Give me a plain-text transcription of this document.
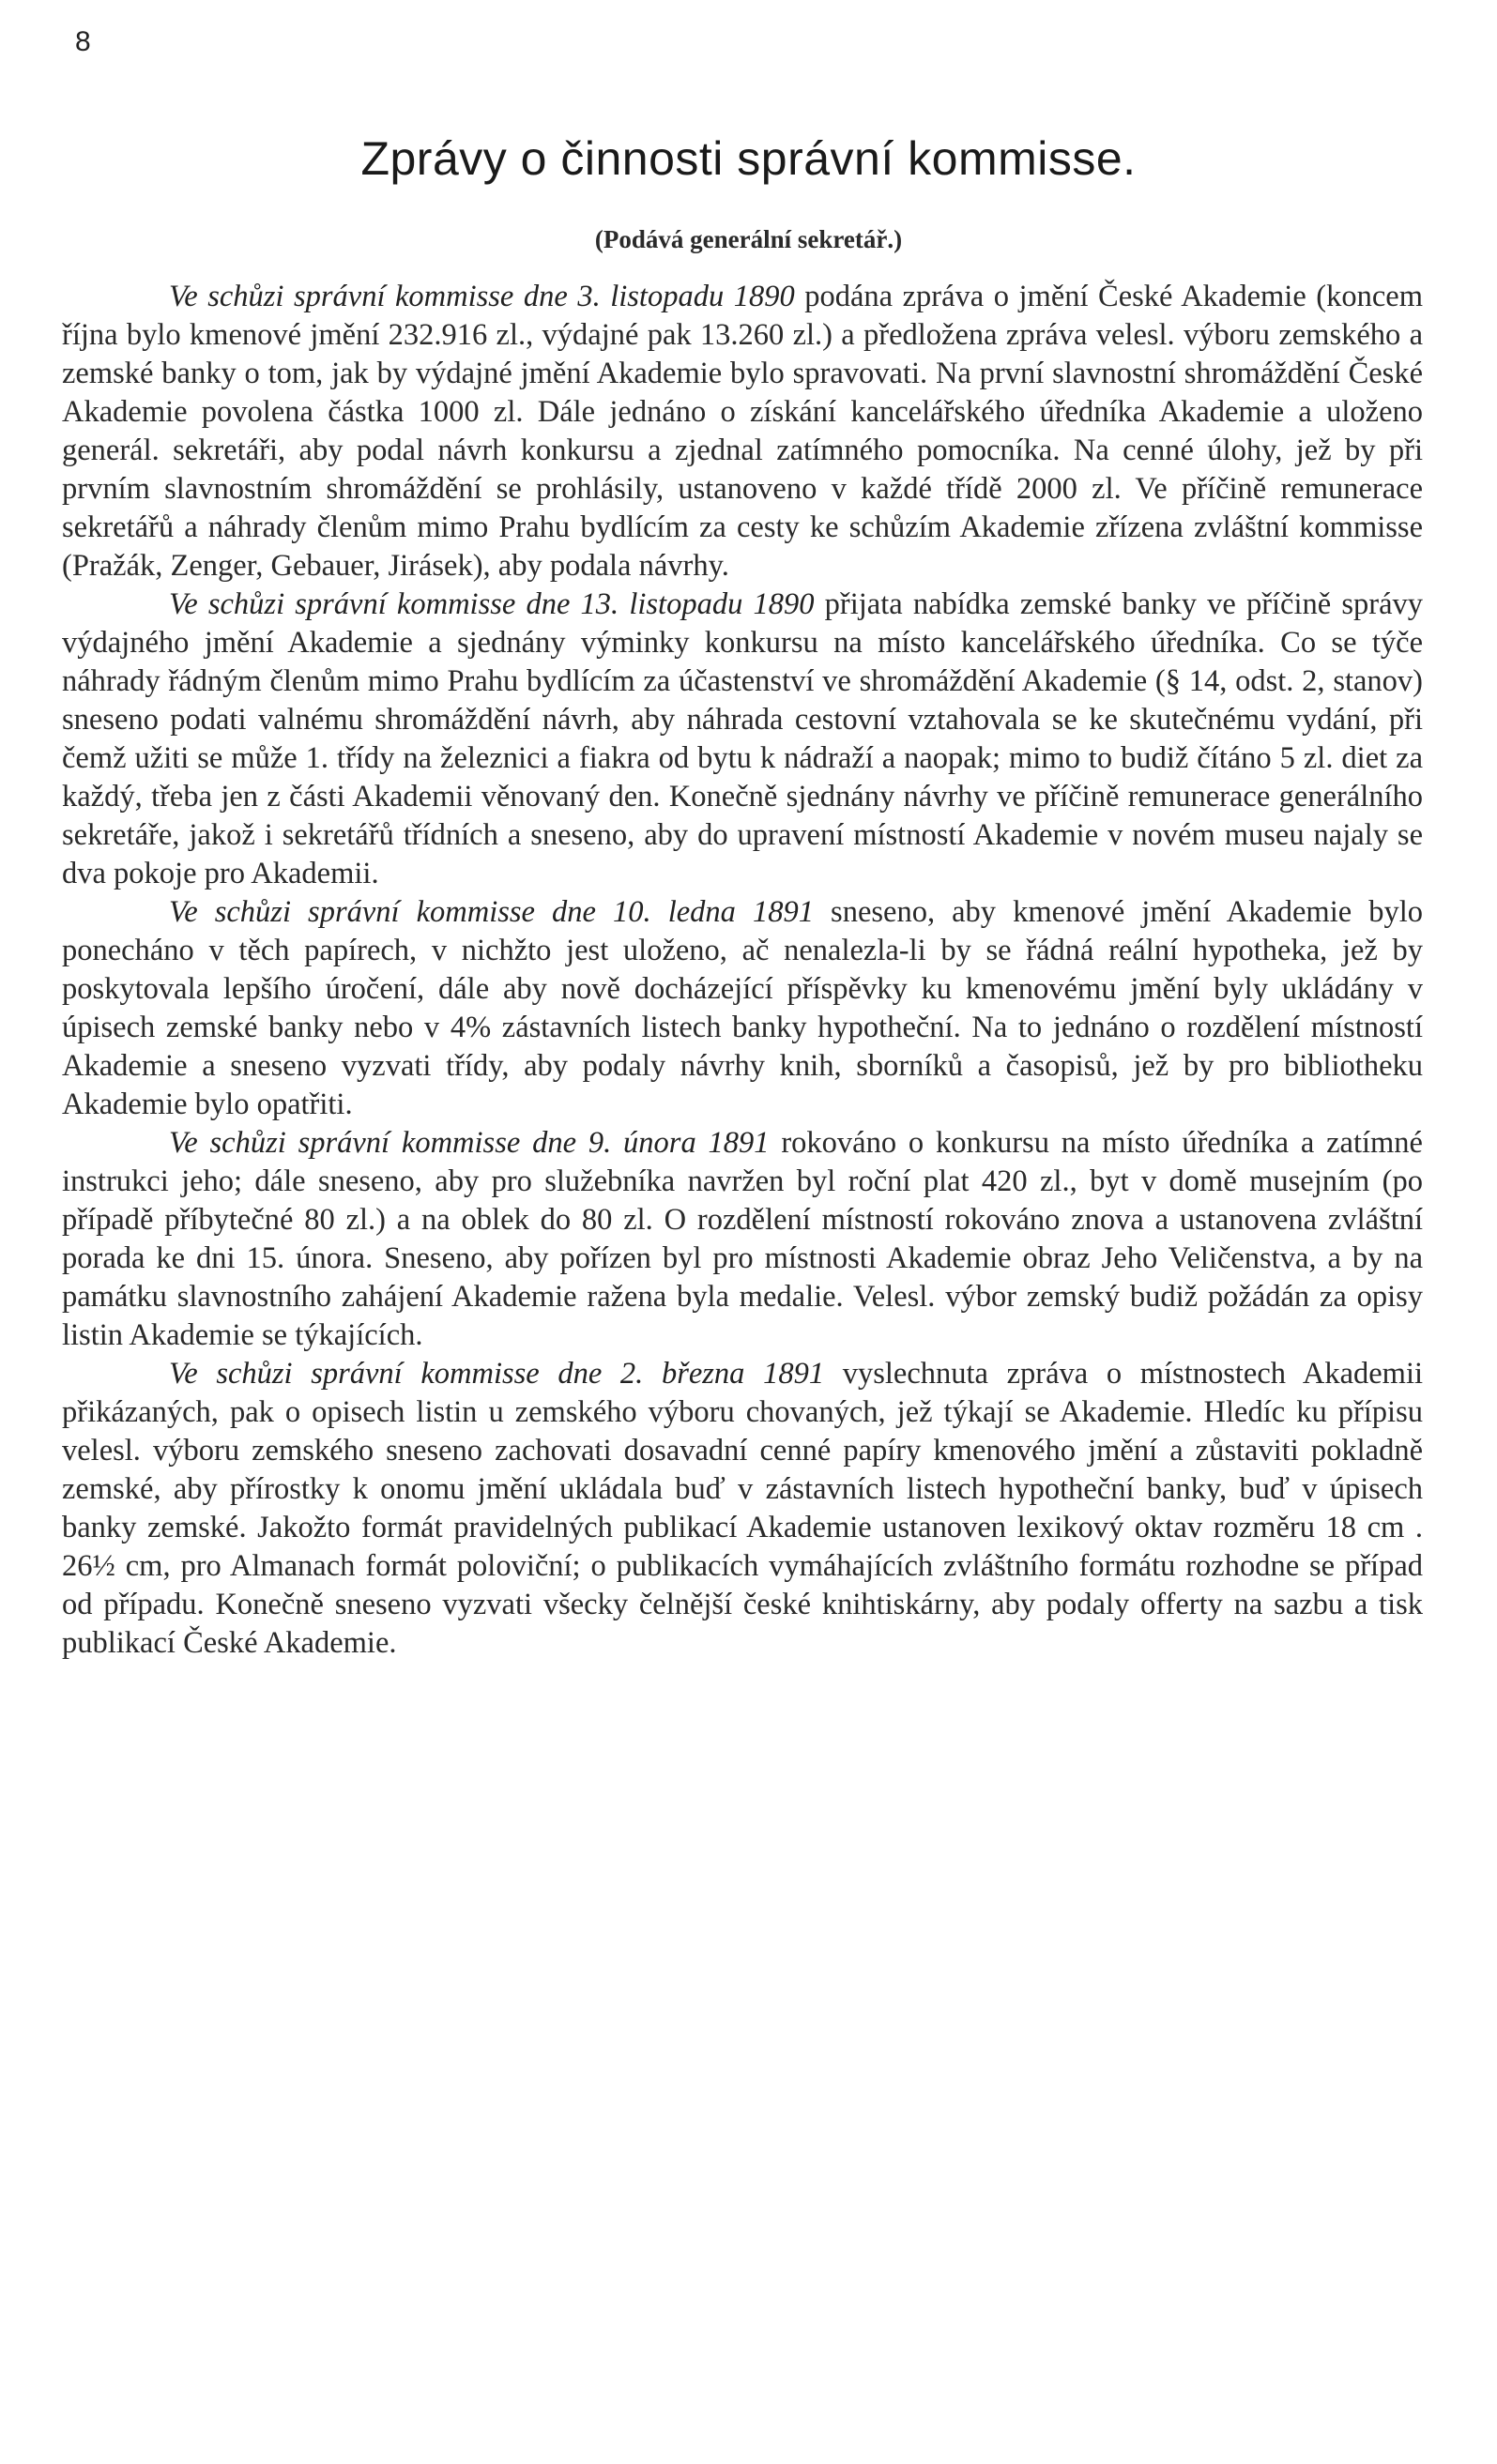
8
Zprávy o činnosti správní kommisse.
(Podává generální sekretář.)

Ve schůzi správní kommisse dne 3. listopadu 1890 podána zpráva o jmění České Akademie (koncem října bylo kmenové jmění 232.916 zl., výdajné pak 13.260 zl.) a předložena zpráva velesl. výboru zemského a zemské banky o tom, jak by výdajné jmění Akademie bylo spravovati. Na první slavnostní shromáždění České Akademie povolena částka 1000 zl. Dále jednáno o získání kancelářského úředníka Akademie a uloženo generál. sekretáři, aby podal návrh konkursu a zjednal zatímného pomocníka. Na cenné úlohy, jež by při prvním slavnostním shromáždění se prohlásily, ustanoveno v každé třídě 2000 zl. Ve příčině remunerace sekretářů a náhrady členům mimo Prahu bydlícím za cesty ke schůzím Akademie zřízena zvláštní kommisse (Pražák, Zenger, Gebauer, Jirásek), aby podala návrhy.

Ve schůzi správní kommisse dne 13. listopadu 1890 přijata nabídka zemské banky ve příčině správy výdajného jmění Akademie a sjednány výminky konkursu na místo kancelářského úředníka. Co se týče náhrady řádným členům mimo Prahu bydlícím za účastenství ve shromáždění Akademie (§ 14, odst. 2, stanov) sneseno podati valnému shromáždění návrh, aby náhrada cestovní vztahovala se ke skutečnému vydání, při čemž užiti se může 1. třídy na železnici a fiakra od bytu k nádraží a naopak; mimo to budiž čítáno 5 zl. diet za každý, třeba jen z části Akademii věnovaný den. Konečně sjednány návrhy ve příčině remunerace generálního sekretáře, jakož i sekretářů třídních a sneseno, aby do upravení místností Akademie v novém museu najaly se dva pokoje pro Akademii.

Ve schůzi správní kommisse dne 10. ledna 1891 sneseno, aby kmenové jmění Akademie bylo ponecháno v těch papírech, v nichžto jest uloženo, ač nenalezla-li by se řádná reální hypotheka, jež by poskytovala lepšího úročení, dále aby nově docházející příspěvky ku kmenovému jmění byly ukládány v úpisech zemské banky nebo v 4% zástavních listech banky hypotheční. Na to jednáno o rozdělení místností Akademie a sneseno vyzvati třídy, aby podaly návrhy knih, sborníků a časopisů, jež by pro bibliotheku Akademie bylo opatřiti.

Ve schůzi správní kommisse dne 9. února 1891 rokováno o konkursu na místo úředníka a zatímné instrukci jeho; dále sneseno, aby pro služebníka navržen byl roční plat 420 zl., byt v domě musejním (po případě příbytečné 80 zl.) a na oblek do 80 zl. O rozdělení místností rokováno znova a ustanovena zvláštní porada ke dni 15. února. Sneseno, aby pořízen byl pro místnosti Akademie obraz Jeho Veličenstva, a by na památku slavnostního zahájení Akademie ražena byla medalie. Velesl. výbor zemský budiž požádán za opisy listin Akademie se týkajících.

Ve schůzi správní kommisse dne 2. března 1891 vyslechnuta zpráva o místnostech Akademii přikázaných, pak o opisech listin u zemského výboru chovaných, jež týkají se Akademie. Hledíc ku přípisu velesl. výboru zemského sneseno zachovati dosavadní cenné papíry kmenového jmění a zůstaviti pokladně zemské, aby přírostky k onomu jmění ukládala buď v zástavních listech hypotheční banky, buď v úpisech banky zemské. Jakožto formát pravidelných publikací Akademie ustanoven lexikový oktav rozměru 18 cm . 26½ cm, pro Almanach formát poloviční; o publikacích vymáhajících zvláštního formátu rozhodne se případ od případu. Konečně sneseno vyzvati všecky čelnější české knihtiskárny, aby podaly offerty na sazbu a tisk publikací České Akademie.
